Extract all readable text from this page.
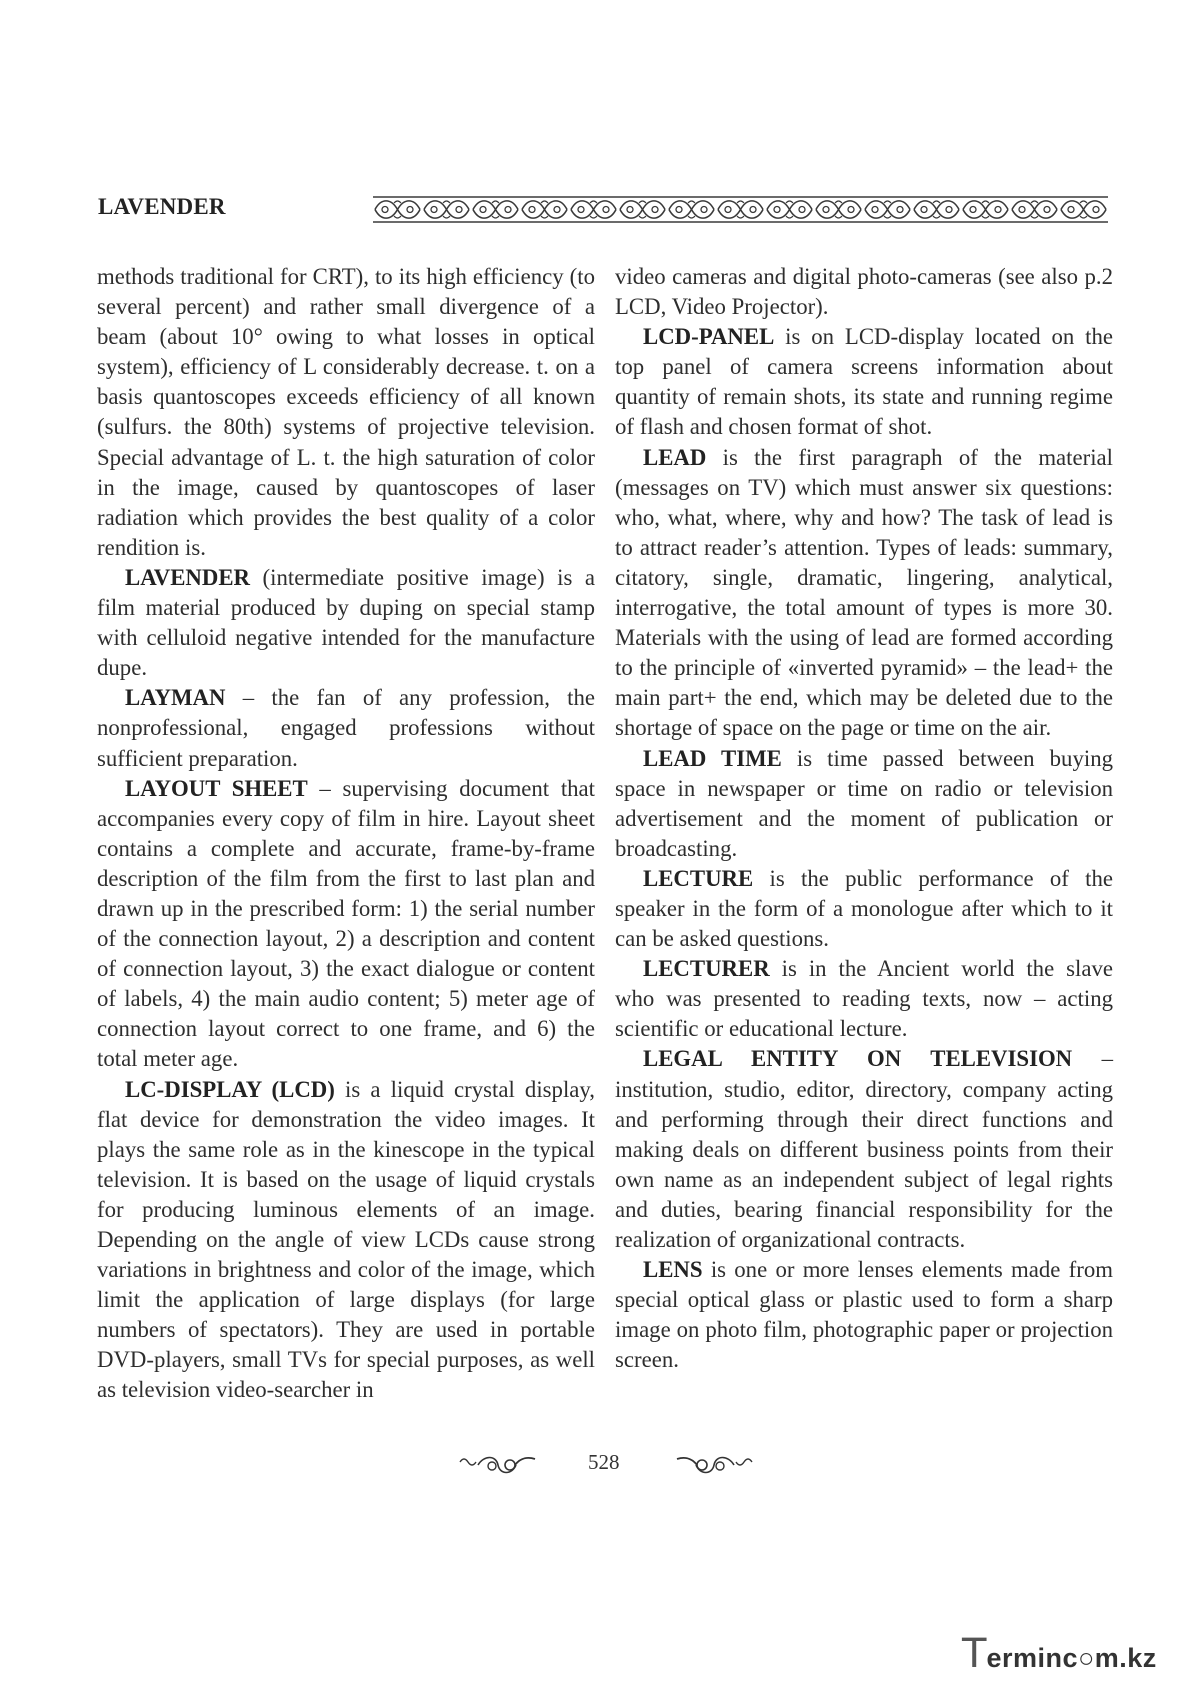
LAVENDER

methods traditional for CRT), to its high efficiency (to several percent) and rather small divergence of a beam (about 10° owing to what losses in optical system), efficiency of L considerably decrease. t. on a basis quantoscopes exceeds efficiency of all known (sulfurs. the 80th) systems of projective television. Special advantage of L. t. the high saturation of color in the image, caused by quantoscopes of laser radiation which provides the best quality of a color rendition is.

LAVENDER (intermediate positive image) is a film material produced by duping on special stamp with celluloid negative intended for the manufacture dupe.

LAYMAN – the fan of any profession, the nonprofessional, engaged professions without sufficient preparation.

LAYOUT SHEET – supervising document that accompanies every copy of film in hire. Layout sheet contains a complete and accurate, frame-by-frame description of the film from the first to last plan and drawn up in the prescribed form: 1) the serial number of the connection layout, 2) a description and content of connection layout, 3) the exact dialogue or content of labels, 4) the main audio content; 5) meter age of connection layout correct to one frame, and 6) the total meter age.

LC-DISPLAY (LCD) is a liquid crystal display, flat device for demonstration the video images. It plays the same role as in the kinescope in the typical television. It is based on the usage of liquid crystals for producing luminous elements of an image. Depending on the angle of view LCDs cause strong variations in brightness and color of the image, which limit the application of large displays (for large numbers of spectators). They are used in portable DVD-players, small TVs for special purposes, as well as television video-searcher in

video cameras and digital photo-cameras (see also p.2 LCD, Video Projector).

LCD-PANEL is on LCD-display located on the top panel of camera screens information about quantity of remain shots, its state and running regime of flash and chosen format of shot.

LEAD is the first paragraph of the material (messages on TV) which must answer six questions: who, what, where, why and how? The task of lead is to attract reader’s attention. Types of leads: summary, citatory, single, dramatic, lingering, analytical, interrogative, the total amount of types is more 30. Materials with the using of lead are formed according to the principle of «inverted pyramid» – the lead+ the main part+ the end, which may be deleted due to the shortage of space on the page or time on the air.

LEAD TIME is time passed between buying space in newspaper or time on radio or television advertisement and the moment of publication or broadcasting.

LECTURE is the public performance of the speaker in the form of a monologue after which to it can be asked questions.

LECTURER is in the Ancient world the slave who was presented to reading texts, now – acting scientific or educational lecture.

LEGAL ENTITY ON TELEVISION – institution, studio, editor, directory, company acting and performing through their direct functions and making deals on different business points from their own name as an independent subject of legal rights and duties, bearing financial responsibility for the realization of organizational contracts.

LENS is one or more lenses elements made from special optical glass or plastic used to form a sharp image on photo film, photographic paper or projection screen.

528
T erminc○m.kz
